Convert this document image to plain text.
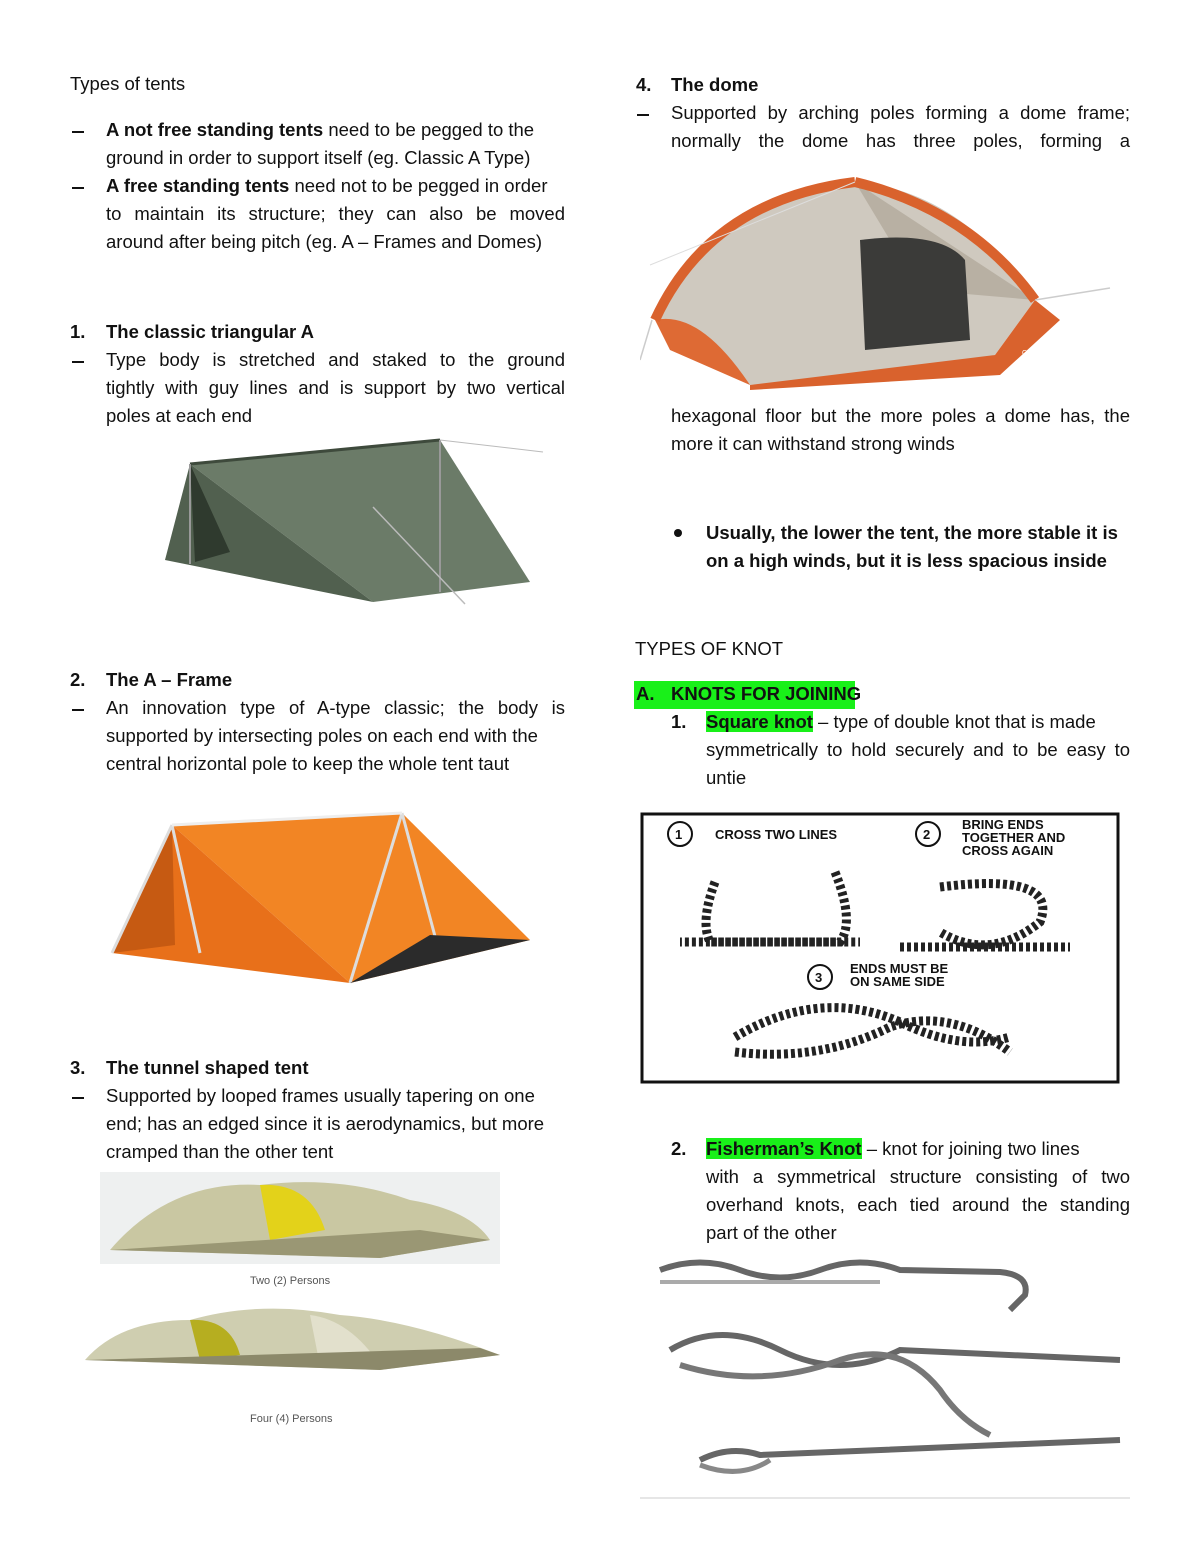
Types of tents
A not free standing tents need to be pegged to the
ground in order to support itself (eg. Classic A Type)
A free standing tents need not to be pegged in order
to maintain its structure; they can also be moved
around after being pitch (eg. A – Frames and Domes)
1. The classic triangular A
Type body is stretched and staked to the ground
tightly with guy lines and is support by two vertical
poles at each end
2. The A – Frame
An innovation type of A-type classic; the body is
supported by intersecting poles on each end with the
central horizontal pole to keep the whole tent taut
3. The tunnel shaped tent
Supported by looped frames usually tapering on one
end; has an edged since it is aerodynamics, but more
cramped than the other tent
Two (2) Persons
Four (4) Persons
4. The dome
Supported by arching poles forming a dome frame;
normally the dome has three poles, forming a
Columbia
hexagonal floor but the more poles a dome has, the
more it can withstand strong winds
Usually, the lower the tent, the more stable it is
on a high winds, but it is less spacious inside
TYPES OF KNOT
A. KNOTS FOR JOINING
1. Square knot – type of double knot that is made
symmetrically to hold securely and to be easy to
untie
1	CROSS TWO LINES	2
BRING ENDS
TOGETHER AND
CROSS AGAIN
3
ENDS MUST BE
ON SAME SIDE
2. Fisherman’s Knot – knot for joining two lines
with a symmetrical structure consisting of two
overhand knots, each tied around the standing
part of the other
